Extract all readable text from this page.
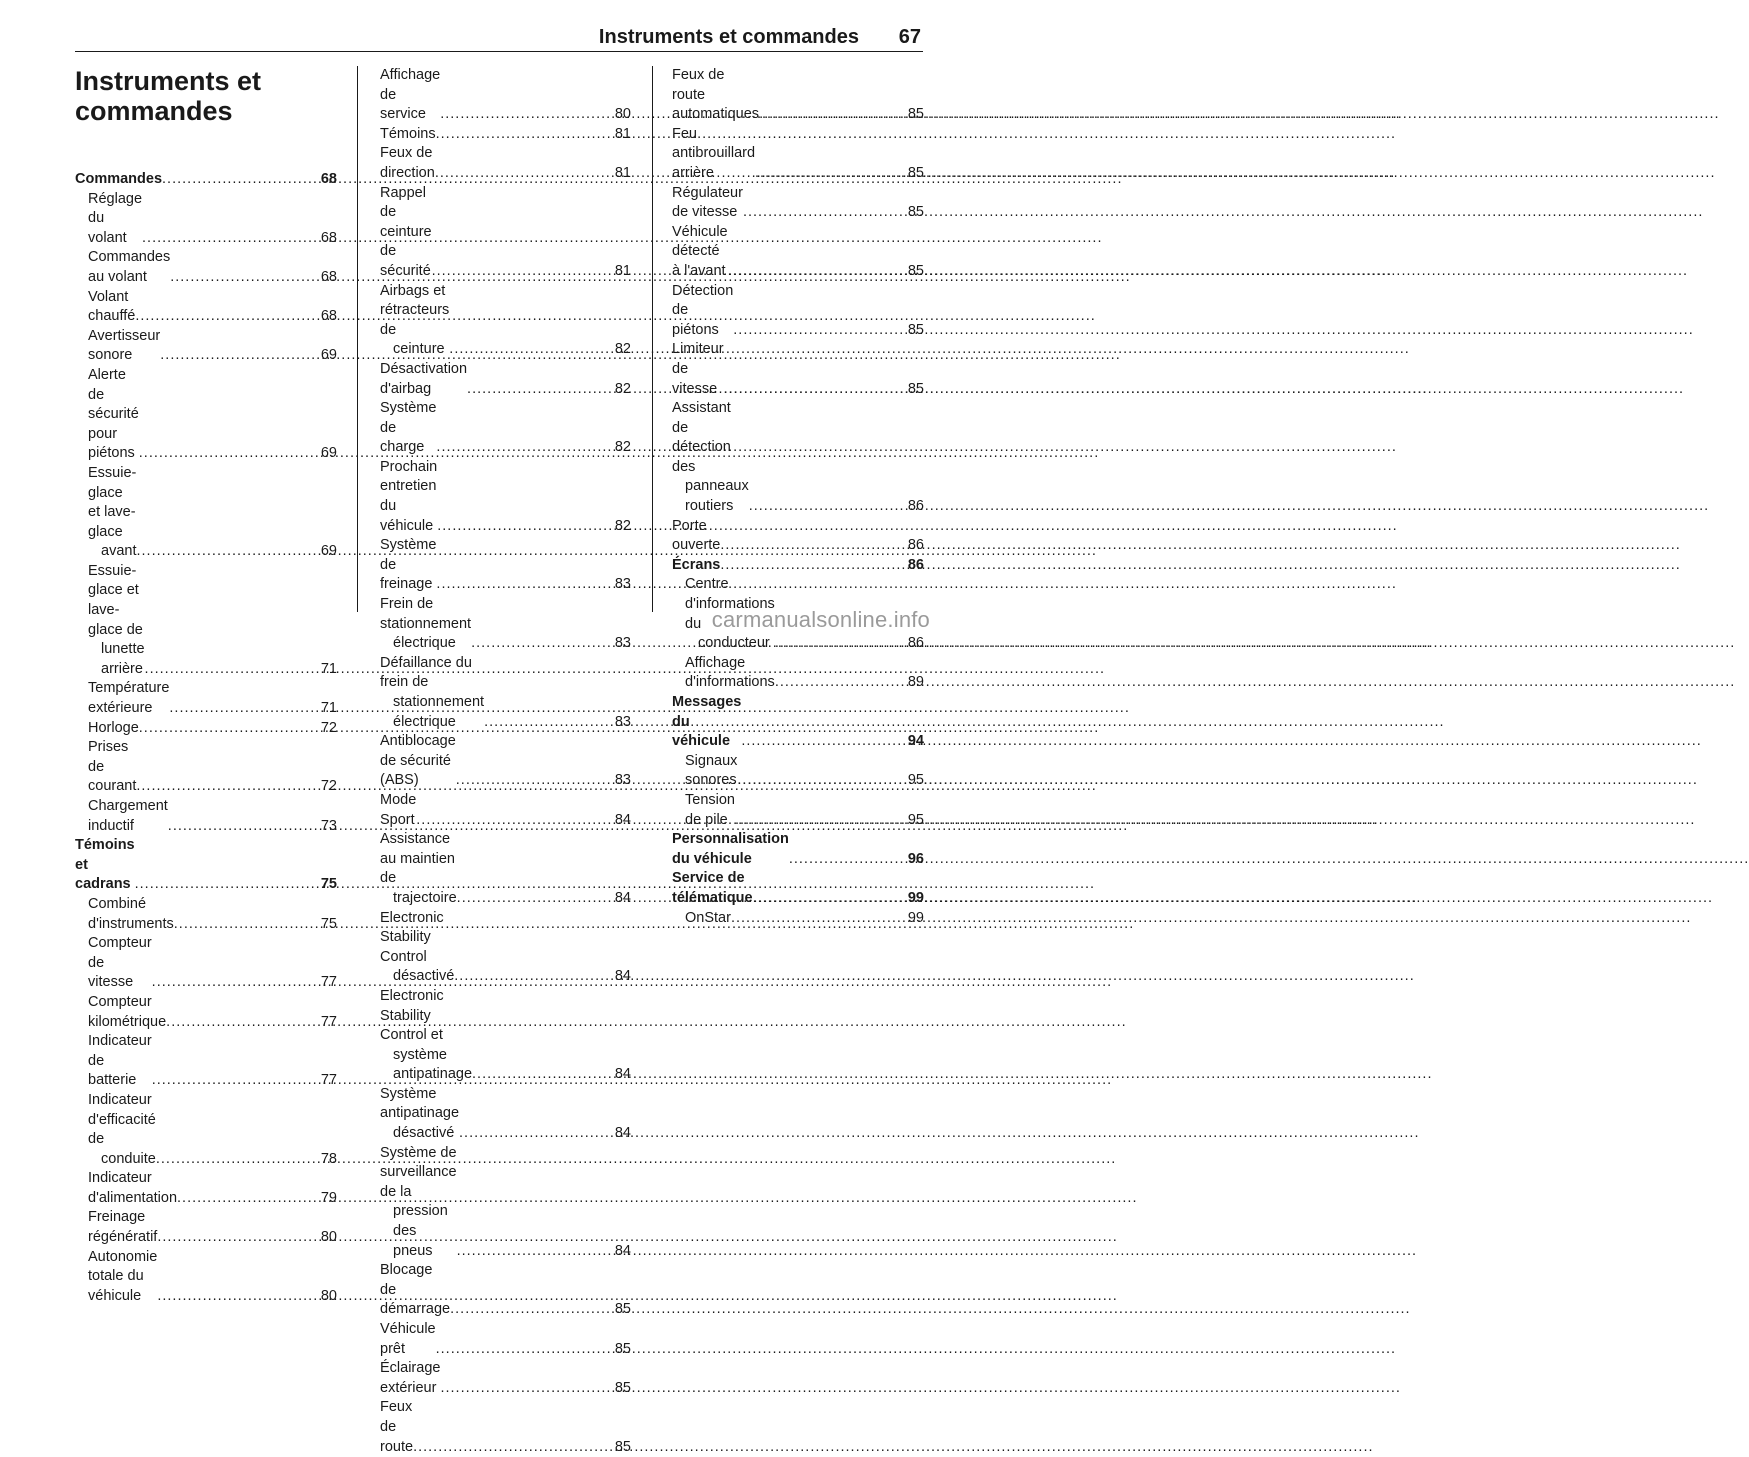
Instruments et commandes 67
Instruments et
commandes
Commandes .....	68
Réglage du volant .....	68
Commandes au volant .....	68
Volant chauffé .....	68
Avertisseur sonore .....	69
Alerte de sécurité pour piétons .....	69
Essuie-glace et lave-glace
avant .....	69
Essuie-glace et lave-glace de
lunette arrière .....	71
Température extérieure .....	71
Horloge .....	72
Prises de courant .....	72
Chargement inductif .....	73
Témoins et cadrans .....	75
Combiné d'instruments .....	75
Compteur de vitesse .....	77
Compteur kilométrique .....	77
Indicateur de batterie .....	77
Indicateur d'efficacité de
conduite .....	78
Indicateur d'alimentation .....	79
Freinage régénératif .....	80
Autonomie totale du véhicule .....	80
Affichage de service .....	80
Témoins .....	81
Feux de direction .....	81
Rappel de ceinture de sécurité .....	81
Airbags et rétracteurs de
ceinture .....	82
Désactivation d'airbag .....	82
Système de charge .....	82
Prochain entretien du véhicule .....	82
Système de freinage .....	83
Frein de stationnement
électrique .....	83
Défaillance du frein de
stationnement électrique .....	83
Antiblocage de sécurité (ABS) .....	83
Mode Sport .....	84
Assistance au maintien de
trajectoire .....	84
Electronic Stability Control
désactivé .....	84
Electronic Stability Control et
système antipatinage .....	84
Système antipatinage
désactivé .....	84
Système de surveillance de la
pression des pneus .....	84
Blocage de démarrage .....	85
Véhicule prêt .....	85
Éclairage extérieur .....	85
Feux de route .....	85
Feux de route automatiques .....	85
Feu antibrouillard arrière .....	85
Régulateur de vitesse .....	85
Véhicule détecté à l'avant .....	85
Détection de piétons .....	85
Limiteur de vitesse .....	85
Assistant de détection des
panneaux routiers .....	86
Porte ouverte .....	86
Écrans .....	86
Centre d'informations du
conducteur .....	86
Affichage d'informations .....	89
Messages du véhicule .....	94
Signaux sonores .....	95
Tension de pile .....	95
Personnalisation du véhicule .....	96
Service de télématique .....	99
OnStar .....	99
carmanualsonline.info
